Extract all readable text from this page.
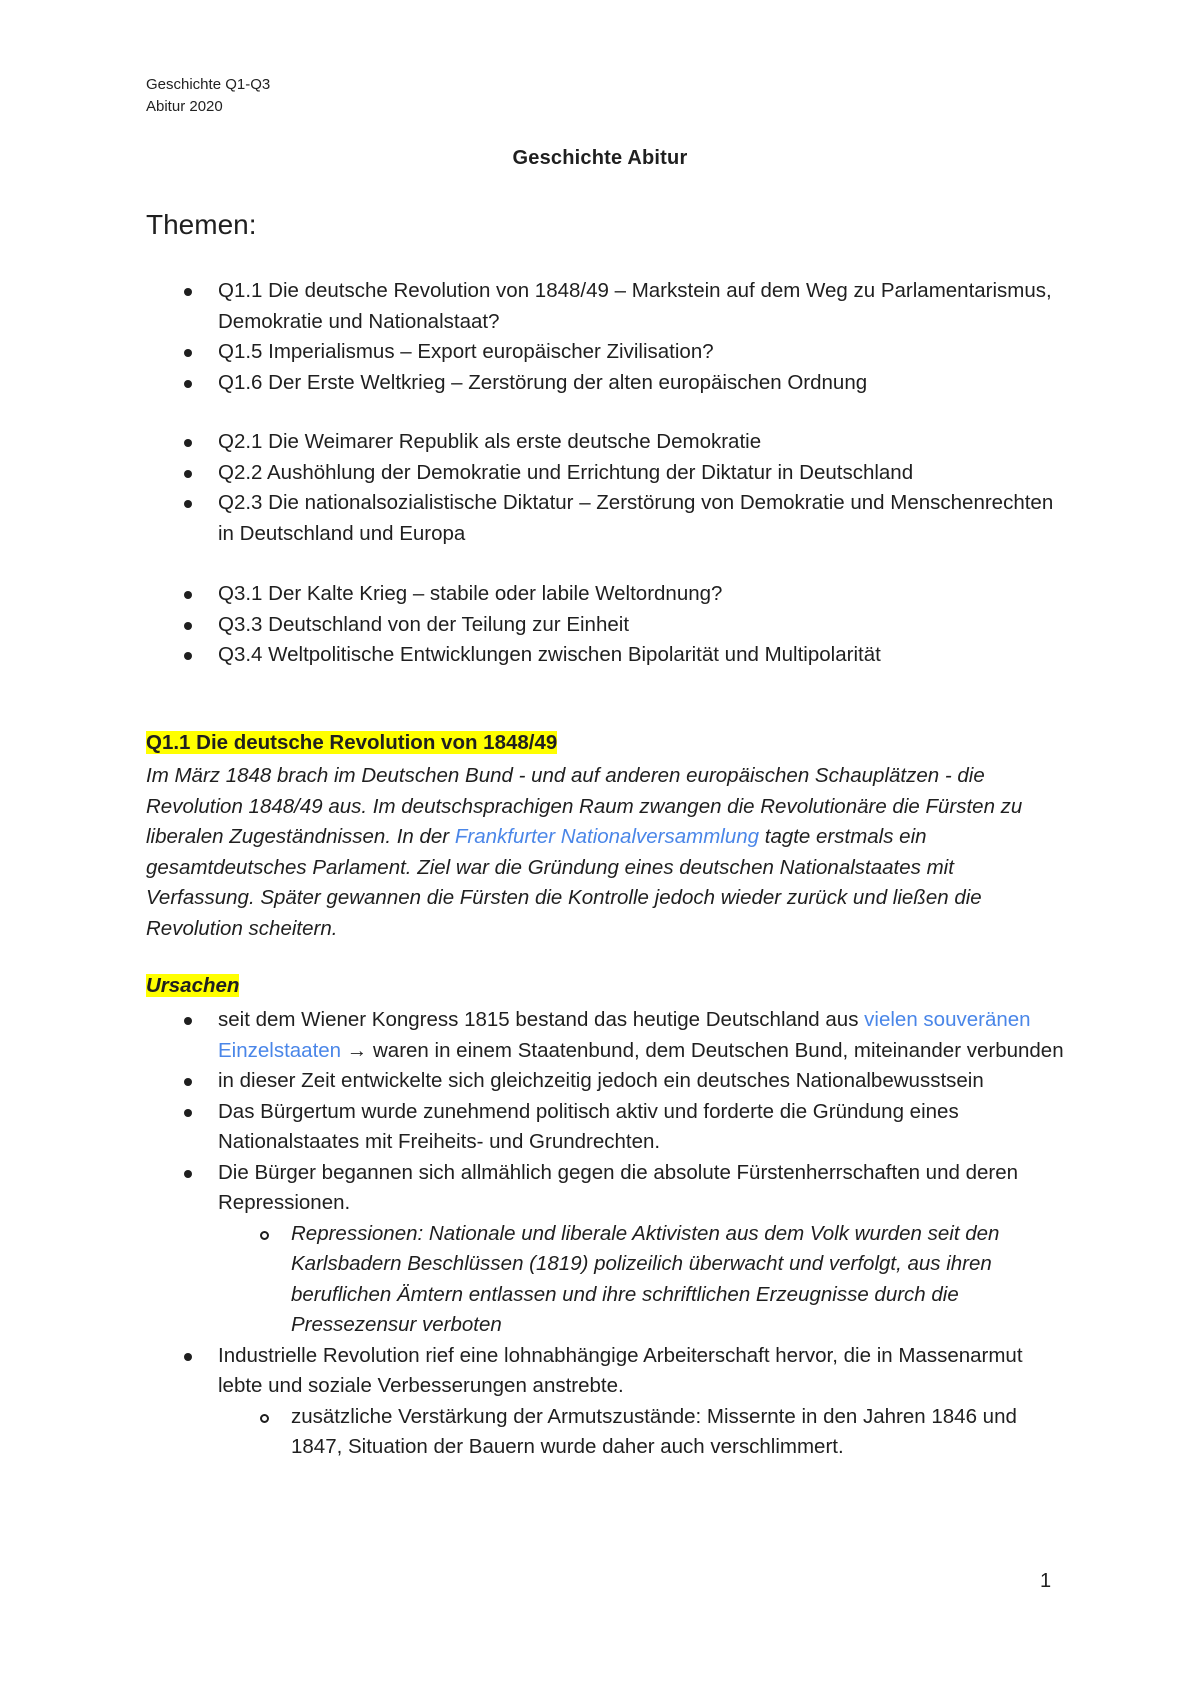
Geschichte Q1-Q3
Abitur 2020
Geschichte Abitur
Themen:
Q1.1 Die deutsche Revolution von 1848/49 – Markstein auf dem Weg zu Parlamentarismus, Demokratie und Nationalstaat?
Q1.5 Imperialismus – Export europäischer Zivilisation?
Q1.6 Der Erste Weltkrieg – Zerstörung der alten europäischen Ordnung
Q2.1 Die Weimarer Republik als erste deutsche Demokratie
Q2.2 Aushöhlung der Demokratie und Errichtung der Diktatur in Deutschland
Q2.3 Die nationalsozialistische Diktatur – Zerstörung von Demokratie und Menschenrechten in Deutschland und Europa
Q3.1 Der Kalte Krieg – stabile oder labile Weltordnung?
Q3.3 Deutschland von der Teilung zur Einheit
Q3.4 Weltpolitische Entwicklungen zwischen Bipolarität und Multipolarität
Q1.1 Die deutsche Revolution von 1848/49

Im März 1848 brach im Deutschen Bund - und auf anderen europäischen Schauplätzen - die Revolution 1848/49 aus. Im deutschsprachigen Raum zwangen die Revolutionäre die Fürsten zu liberalen Zugeständnissen. In der Frankfurter Nationalversammlung tagte erstmals ein gesamtdeutsches Parlament. Ziel war die Gründung eines deutschen Nationalstaates mit Verfassung. Später gewannen die Fürsten die Kontrolle jedoch wieder zurück und ließen die Revolution scheitern.

Ursachen
seit dem Wiener Kongress 1815 bestand das heutige Deutschland aus vielen souveränen Einzelstaaten → waren in einem Staatenbund, dem Deutschen Bund, miteinander verbunden
in dieser Zeit entwickelte sich gleichzeitig jedoch ein deutsches Nationalbewusstsein
Das Bürgertum wurde zunehmend politisch aktiv und forderte die Gründung eines Nationalstaates mit Freiheits- und Grundrechten.
Die Bürger begannen sich allmählich gegen die absolute Fürstenherrschaften und deren Repressionen.
Repressionen: Nationale und liberale Aktivisten aus dem Volk wurden seit den Karlsbadern Beschlüssen (1819) polizeilich überwacht und verfolgt, aus ihren beruflichen Ämtern entlassen und ihre schriftlichen Erzeugnisse durch die Pressezensur verboten
Industrielle Revolution rief eine lohnabhängige Arbeiterschaft hervor, die in Massenarmut lebte und soziale Verbesserungen anstrebte.
zusätzliche Verstärkung der Armutszustände: Missernte in den Jahren 1846 und 1847, Situation der Bauern wurde daher auch verschlimmert.
1
